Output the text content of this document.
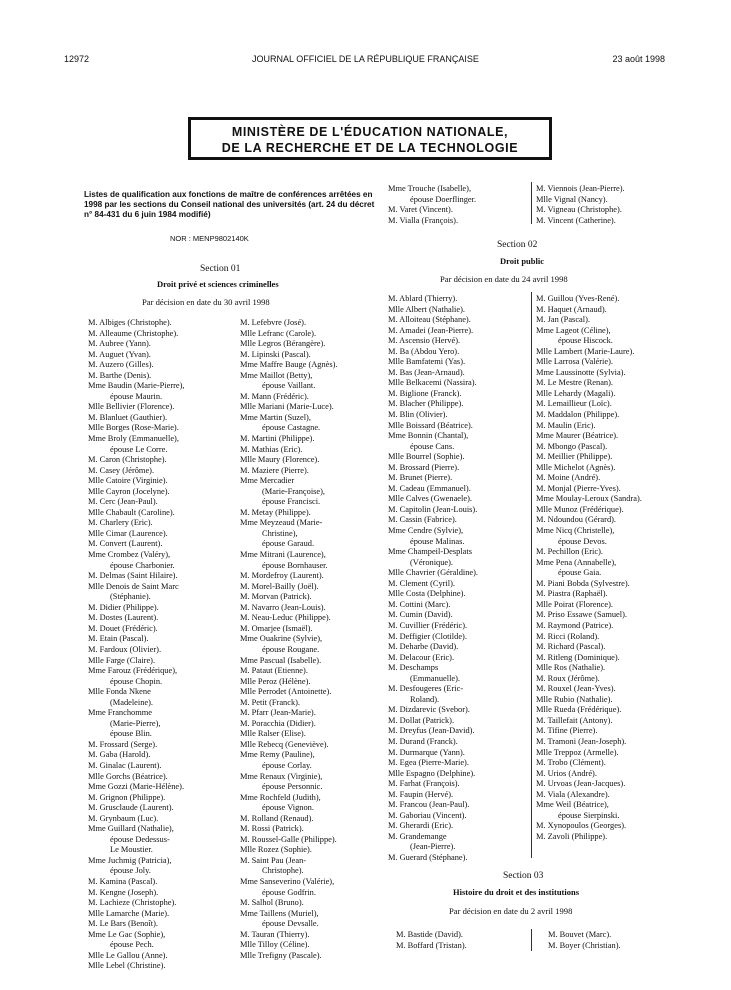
12972	JOURNAL OFFICIEL DE LA RÉPUBLIQUE FRANÇAISE	23 août 1998
MINISTÈRE DE L'ÉDUCATION NATIONALE,
DE LA RECHERCHE ET DE LA TECHNOLOGIE
Listes de qualification aux fonctions de maître de conférences arrêtées en 1998 par les sections du Conseil national des universités (art. 24 du décret n° 84-431 du 6 juin 1984 modifié)
NOR : MENP9802140K
Section 01
Droit privé et sciences criminelles
Par décision en date du 30 avril 1998
M. Albiges (Christophe).
M. Alleaume (Christophe).
M. Aubree (Yann).
M. Auguet (Yvan).
M. Auzero (Gilles).
M. Barthe (Denis).
Mme Baudin (Marie-Pierre),
épouse Maurin.
Mlle Bellivier (Florence).
M. Blanluet (Gauthier).
Mlle Borges (Rose-Marie).
Mme Broly (Emmanuelle),
épouse Le Corre.
M. Caron (Christophe).
M. Casey (Jérôme).
Mlle Catoire (Virginie).
Mlle Cayron (Jocelyne).
M. Cerc (Jean-Paul).
Mlle Chabault (Caroline).
M. Charlery (Eric).
Mlle Cimar (Laurence).
M. Convert (Laurent).
Mme Crombez (Valéry),
épouse Charbonier.
M. Delmas (Saint Hilaire).
Mlle Denois de Saint Marc
(Stéphanie).
M. Didier (Philippe).
M. Dostes (Laurent).
M. Douet (Frédéric).
M. Etain (Pascal).
M. Fardoux (Olivier).
Mlle Farge (Claire).
Mme Farouz (Frédérique),
épouse Chopin.
Mlle Fonda Nkene
(Madeleine).
Mme Franchomme
(Marie-Pierre),
épouse Blin.
M. Frossard (Serge).
M. Gaba (Harold).
M. Ginalac (Laurent).
Mlle Gorchs (Béatrice).
Mme Gozzi (Marie-Hélène).
M. Grignon (Philippe).
M. Grusclaude (Laurent).
M. Grynbaum (Luc).
Mme Guillard (Nathalie),
épouse Dedessus-
Le Moustier.
Mme Juchmig (Patricia),
épouse Joly.
M. Kamina (Pascal).
M. Kengne (Joseph).
M. Lachieze (Christophe).
Mlle Lamarche (Marie).
M. Le Bars (Benoît).
Mme Le Gac (Sophie),
épouse Pech.
Mlle Le Gallou (Anne).
Mlle Lebel (Christine).
M. Lefebvre (José).
Mlle Lefranc (Carole).
Mlle Legros (Bérangère).
M. Lipinski (Pascal).
Mme Maffre Bauge (Agnès).
Mme Maillot (Betty),
épouse Vaillant.
M. Mann (Frédéric).
Mlle Mariani (Marie-Luce).
Mme Martin (Suzel),
épouse Castagne.
M. Martini (Philippe).
M. Mathias (Eric).
Mlle Maury (Florence).
M. Maziere (Pierre).
Mme Mercadier
(Marie-Françoise),
épouse Francisci.
M. Metay (Philippe).
Mme Meyzeaud (Marie-
Christine),
épouse Garaud.
Mme Mitrani (Laurence),
épouse Bornhauser.
M. Mordefroy (Laurent).
M. Morel-Bailly (Joël).
M. Morvan (Patrick).
M. Navarro (Jean-Louis).
M. Neau-Leduc (Philippe).
M. Omarjee (Ismaël).
Mme Ouakrine (Sylvie),
épouse Rougane.
Mme Pascual (Isabelle).
M. Pataut (Etienne).
Mlle Peroz (Hélène).
Mlle Perrodet (Antoinette).
M. Petit (Franck).
M. Pfarr (Jean-Marie).
M. Poracchia (Didier).
Mlle Ralser (Elise).
Mlle Rebecq (Geneviève).
Mme Remy (Pauline),
épouse Corlay.
Mme Renaux (Virginie),
épouse Personnic.
Mme Rochfeld (Judith),
épouse Vignon.
M. Rolland (Renaud).
M. Rossi (Patrick).
M. Roussel-Galle (Philippe).
Mlle Rozez (Sophie).
M. Saint Pau (Jean-
Christophe).
Mme Sanseverino (Valérie),
épouse Godfrin.
M. Salhol (Bruno).
Mme Taillens (Muriel),
épouse Devsalle.
M. Tauran (Thierry).
Mlle Tilloy (Céline).
Mlle Trefigny (Pascale).
Mme Trouche (Isabelle),
épouse Doerflinger.
M. Varet (Vincent).
M. Vialla (François).
M. Viennois (Jean-Pierre).
Mlle Vignal (Nancy).
M. Vigneau (Christophe).
M. Vincent (Catherine).
Section 02
Droit public
Par décision en date du 24 avril 1998
M. Ablard (Thierry).
Mlle Albert (Nathalie).
M. Alloiteau (Stéphane).
M. Amadei (Jean-Pierre).
M. Ascensio (Hervé).
M. Ba (Abdou Yero).
Mlle Bamfatemi (Yas).
M. Bas (Jean-Arnaud).
Mlle Belkacemi (Nassira).
M. Biglione (Franck).
M. Blacher (Philippe).
M. Blin (Olivier).
Mlle Boissard (Béatrice).
Mme Bonnin (Chantal),
épouse Cans.
Mlle Bourrel (Sophie).
M. Brossard (Pierre).
M. Brunet (Pierre).
M. Cadeau (Emmanuel).
Mlle Calves (Gwenaele).
M. Capitolin (Jean-Louis).
M. Cassin (Fabrice).
Mme Cendre (Sylvie),
épouse Malinas.
Mme Champeil-Desplats
(Véronique).
Mlle Chavrier (Géraldine).
M. Clement (Cyril).
Mlle Costa (Delphine).
M. Cottini (Marc).
M. Cumin (David).
M. Cuvillier (Frédéric).
M. Deffigier (Clotilde).
M. Deharbe (David).
M. Delacour (Eric).
M. Deschamps
(Emmanuelle).
M. Desfougeres (Eric-
Roland).
M. Dizdarevic (Svebor).
M. Dollat (Patrick).
M. Dreyfus (Jean-David).
M. Durand (Franck).
M. Durmarque (Yann).
M. Egea (Pierre-Marie).
Mlle Espagno (Delphine).
M. Farhat (François).
M. Faupin (Hervé).
M. Francou (Jean-Paul).
M. Gaboriau (Vincent).
M. Gherardi (Eric).
M. Grandemange
(Jean-Pierre).
M. Guerard (Stéphane).
M. Guillou (Yves-René).
M. Haquet (Arnaud).
M. Jan (Pascal).
Mme Lageot (Céline),
épouse Hiscock.
Mlle Lambert (Marie-Laure).
Mlle Larrosa (Valérie).
Mme Laussinotte (Sylvia).
M. Le Mestre (Renan).
Mlle Lehardy (Magali).
M. Lemaillieur (Loïc).
M. Maddalon (Philippe).
M. Maulin (Eric).
Mme Maurer (Béatrice).
M. Mbongo (Pascal).
M. Meillier (Philippe).
Mlle Michelot (Agnès).
M. Moine (André).
M. Monjal (Pierre-Yves).
Mme Moulay-Leroux (Sandra).
Mlle Munoz (Frédérique).
M. Ndoundou (Gérard).
Mme Nicq (Christelle),
épouse Devos.
M. Pechillon (Eric).
Mme Pena (Annabelle),
épouse Gaia.
M. Piani Bobda (Sylvestre).
M. Piastra (Raphaël).
Mlle Poirat (Florence).
M. Priso Essawe (Samuel).
M. Raymond (Patrice).
M. Ricci (Roland).
M. Richard (Pascal).
M. Ritleng (Dominique).
Mlle Ros (Nathalie).
M. Roux (Jérôme).
M. Rouxel (Jean-Yves).
Mlle Rubio (Nathalie).
Mlle Rueda (Frédérique).
M. Taillefait (Antony).
M. Tifine (Pierre).
M. Tramoni (Jean-Joseph).
Mlle Treppoz (Armelle).
M. Trobo (Clément).
M. Urios (André).
M. Urvoas (Jean-Jacques).
M. Viala (Alexandre).
Mme Weil (Béatrice),
épouse Sierpinski.
M. Xynopoulos (Georges).
M. Zavoli (Philippe).
Section 03
Histoire du droit et des institutions
Par décision en date du 2 avril 1998
M. Bastide (David).
M. Boffard (Tristan).
M. Bouvet (Marc).
M. Boyer (Christian).
